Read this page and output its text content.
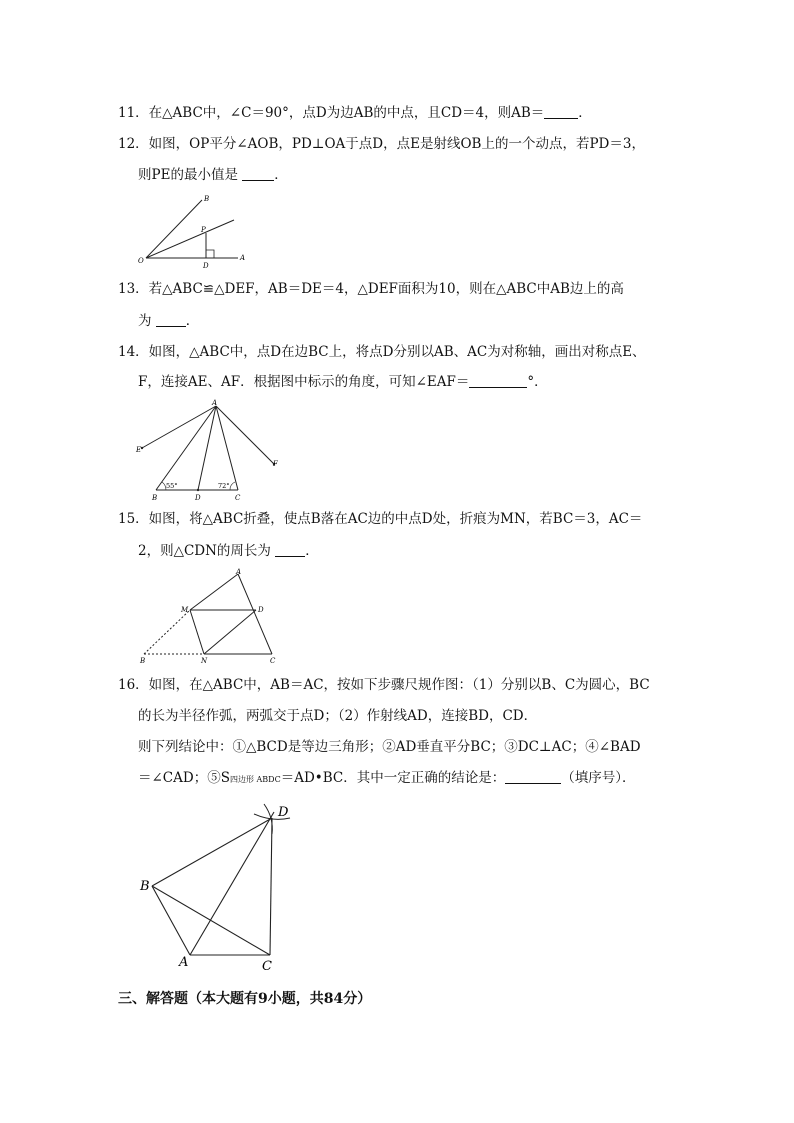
11．在△ABC中，∠C＝90°，点D为边AB的中点，且CD＝4，则AB＝	．
12．如图，OP平分∠AOB，PD⊥OA于点D，点E是射线OB上的一个动点，若PD＝3，
则PE的最小值是 ．
O
D
A
P
B
13．若△ABC≌△DEF，AB＝DE＝4，△DEF面积为10，则在△ABC中AB边上的高
为 ．
14．如图，△ABC中，点D在边BC上，将点D分别以AB、AC为对称轴，画出对称点E、
F，连接AE、AF．根据图中标示的角度，可知∠EAF＝	°．
A
E
F
B	D	C
55°	72°
15．如图，将△ABC折叠，使点B落在AC边的中点D处，折痕为MN，若BC＝3，AC＝
2，则△CDN的周长为 ．
A
M	D
B	N	C
16．如图，在△ABC中，AB＝AC，按如下步骤尺规作图：（1）分别以B、C为圆心，BC
的长为半径作弧，两弧交于点D；（2）作射线AD，连接BD，CD．
则下列结论中：①△BCD是等边三角形；②AD垂直平分BC；③DC⊥AC；④∠BAD
＝∠CAD；⑤S四边形 ABDC＝AD•BC．其中一定正确的结论是：	（填序号）．
D
B
A	C
三、解答题（本大题有9小题，共84分）
